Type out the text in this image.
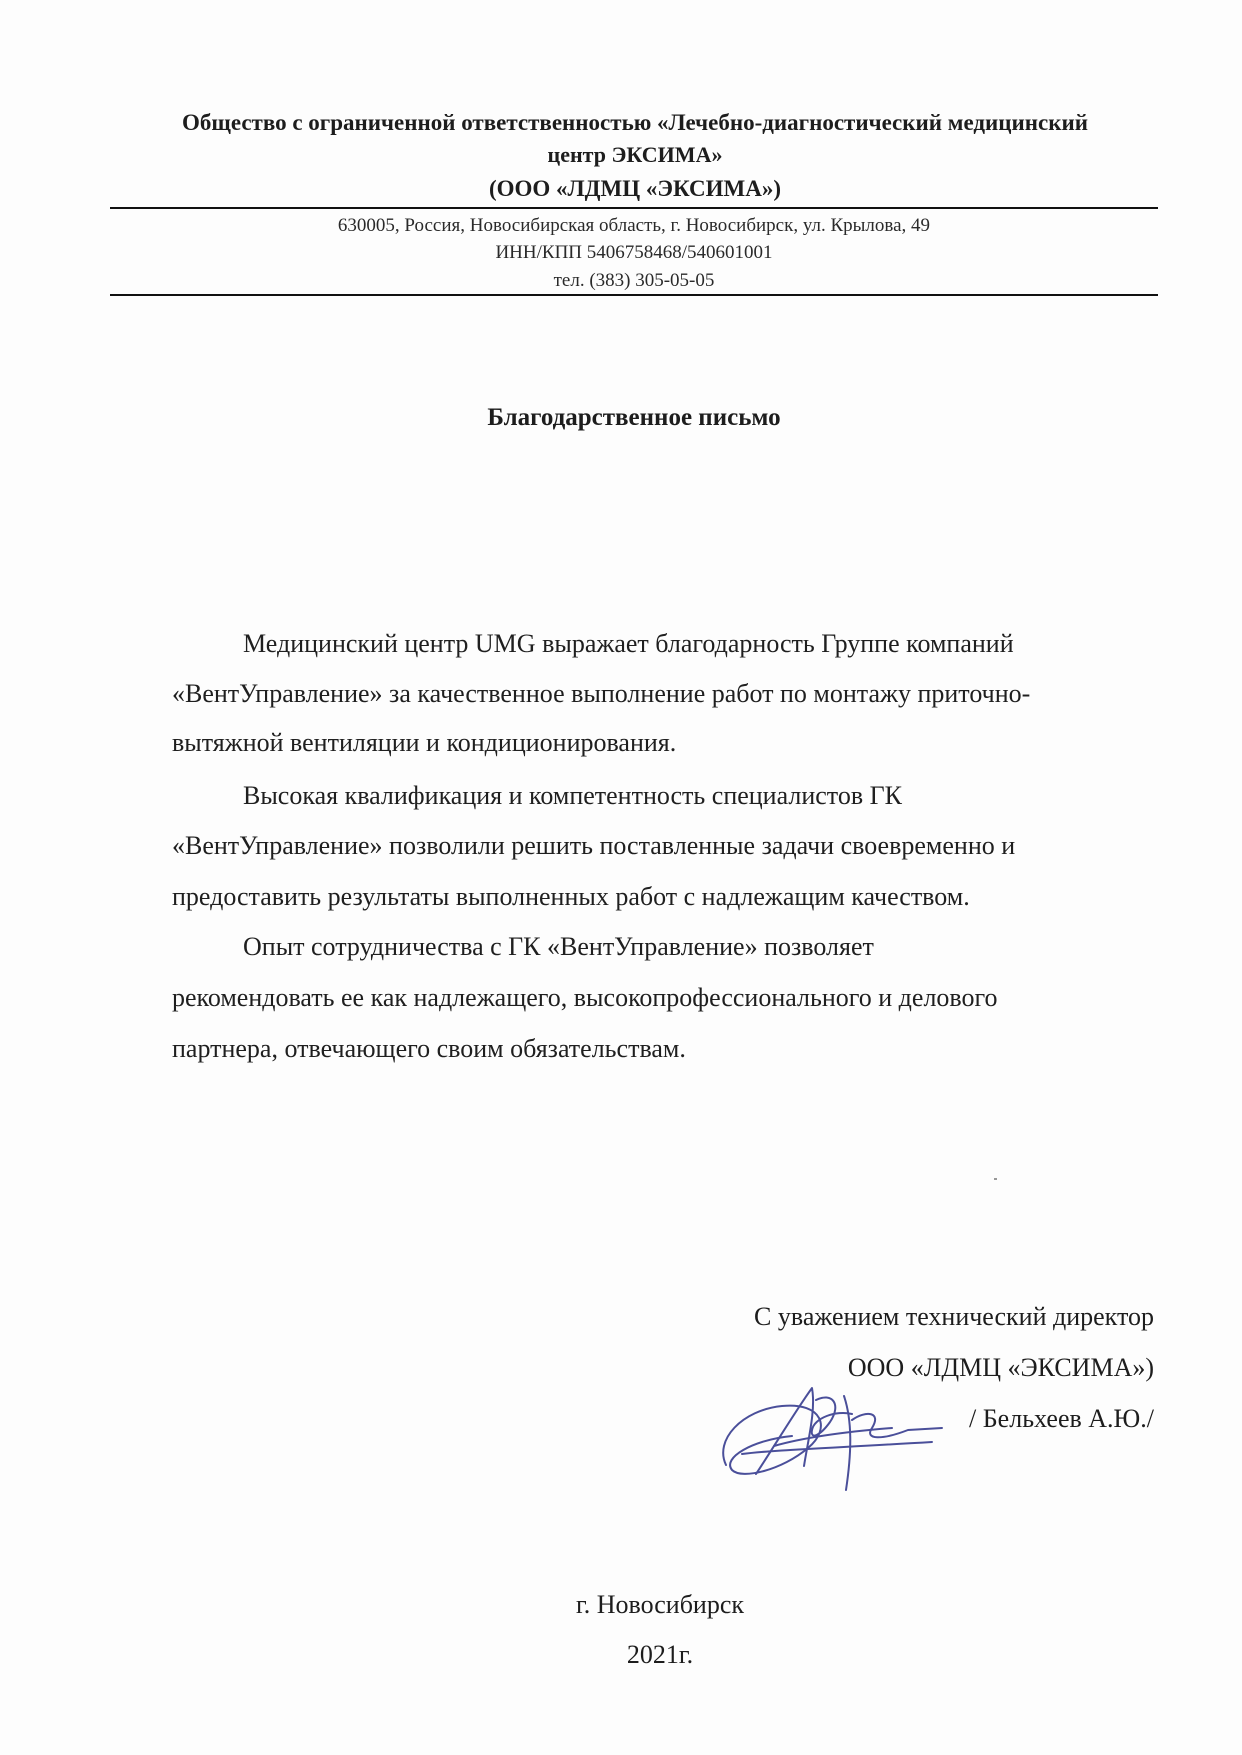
Общество с ограниченной ответственностью «Лечебно-диагностический медицинский
центр ЭКСИМА»
(ООО «ЛДМЦ «ЭКСИМА»)
630005, Россия, Новосибирская область, г. Новосибирск, ул. Крылова, 49
ИНН/КПП 5406758468/540601001
тел. (383) 305-05-05
Благодарственное письмо
Медицинский центр UMG выражает благодарность Группе компаний
«ВентУправление» за качественное выполнение работ по монтажу приточно-
вытяжной вентиляции и кондиционирования.
Высокая квалификация и компетентность специалистов ГК
«ВентУправление» позволили решить поставленные задачи своевременно и
предоставить результаты выполненных работ с надлежащим качеством.
Опыт сотрудничества с ГК «ВентУправление» позволяет
рекомендовать ее как надлежащего, высокопрофессионального и делового
партнера, отвечающего своим обязательствам.
С уважением технический директор
ООО «ЛДМЦ «ЭКСИМА»)
/ Бельхеев А.Ю./
г. Новосибирск
2021г.
